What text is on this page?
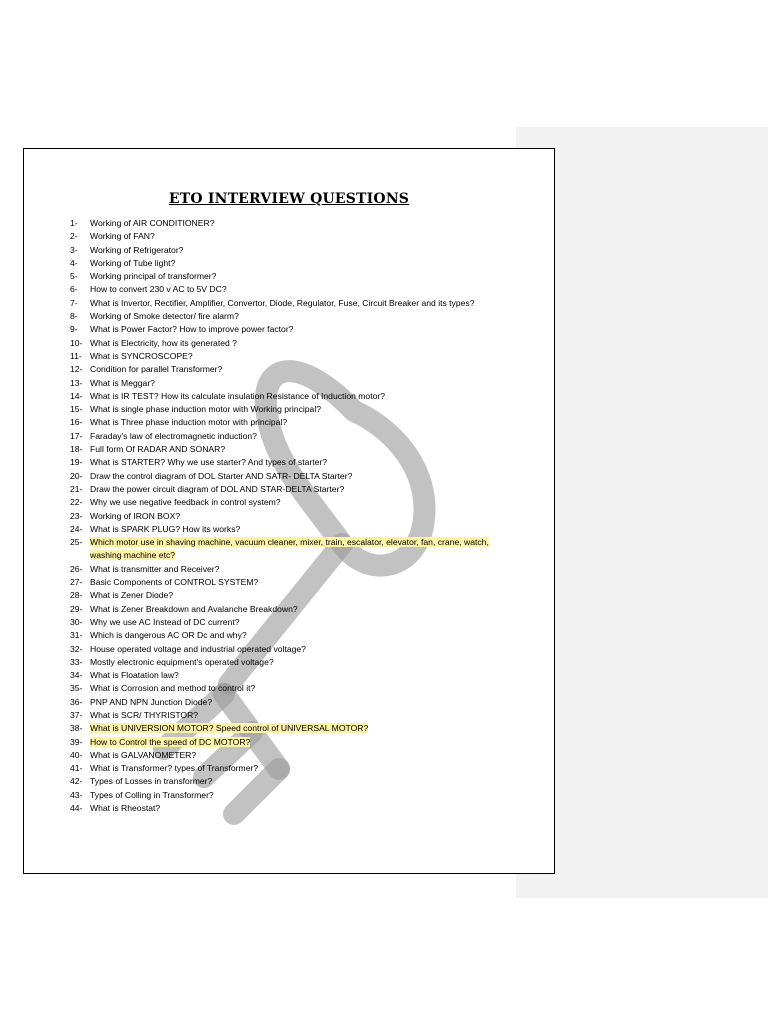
ETO INTERVIEW QUESTIONS
1- Working of AIR CONDITIONER?
2- Working of FAN?
3- Working of Refrigerator?
4- Working of Tube light?
5- Working principal of transformer?
6- How to convert 230 v AC to 5V DC?
7- What is Invertor, Rectifier, Amplifier, Convertor, Diode, Regulator, Fuse, Circuit Breaker and its types?
8- Working of Smoke detector/ fire alarm?
9- What is Power Factor? How to improve power factor?
10- What is Electricity, how its generated ?
11- What is SYNCROSCOPE?
12- Condition for parallel Transformer?
13- What is Meggar?
14- What is IR TEST? How its calculate insulation Resistance of Induction motor?
15- What is single phase induction motor with Working principal?
16- What is Three phase induction motor with principal?
17- Faraday's law of electromagnetic induction?
18- Full form Of RADAR AND SONAR?
19- What is STARTER? Why we use starter? And types of starter?
20- Draw the control diagram of DOL Starter AND SATR- DELTA Starter?
21- Draw the power circuit diagram of DOL AND STAR-DELTA Starter?
22- Why we use negative feedback in control system?
23- Working of IRON BOX?
24- What is SPARK PLUG? How its works?
25- Which motor use in shaving machine, vacuum cleaner, mixer, train, escalator, elevator, fan, crane, watch, washing machine etc?
26- What is transmitter and Receiver?
27- Basic Components of CONTROL SYSTEM?
28- What is Zener Diode?
29- What is Zener Breakdown and Avalanche Breakdown?
30- Why we use AC Instead of DC current?
31- Which is dangerous AC OR Dc and why?
32- House operated voltage and industrial operated voltage?
33- Mostly electronic equipment's operated voltage?
34- What is Floatation law?
35- What is Corrosion and method to control it?
36- PNP AND NPN Junction Diode?
37- What is SCR/ THYRISTOR?
38- What is UNIVERSION MOTOR? Speed control of UNIVERSAL MOTOR?
39- How to Control the speed of DC MOTOR?
40- What is GALVANOMETER?
41- What is Transformer? types of Transformer?
42- Types of Losses in transformer?
43- Types of Colling in Transformer?
44- What is Rheostat?
